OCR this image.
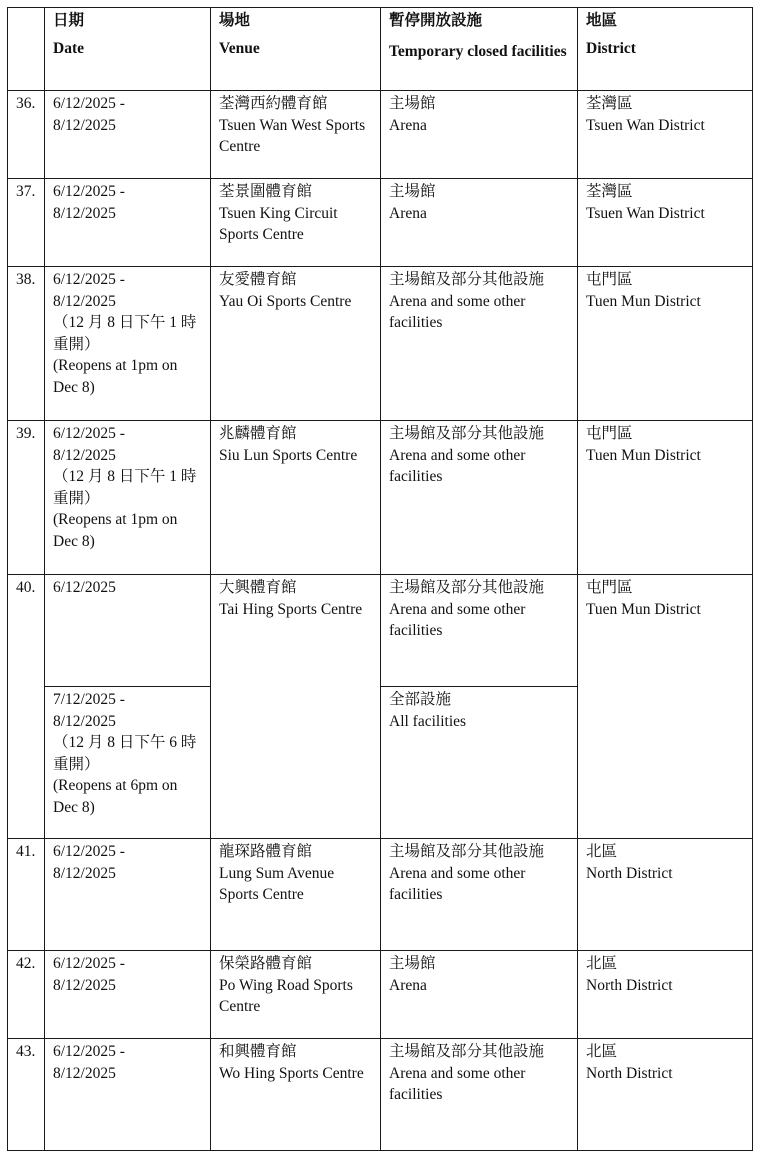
	日期
Date	場地
Venue	暫停開放設施
Temporary closed facilities	地區
District

36.	6/12/2025 -
8/12/2025	荃灣西約體育館
Tsuen Wan West Sports Centre	主場館
Arena	荃灣區
Tsuen Wan District

37.	6/12/2025 -
8/12/2025	荃景圍體育館
Tsuen King Circuit Sports Centre	主場館
Arena	荃灣區
Tsuen Wan District

38.	6/12/2025 -
8/12/2025
（12 月 8 日下午 1 時重開）
(Reopens at 1pm on Dec 8)	友愛體育館
Yau Oi Sports Centre	主場館及部分其他設施
Arena and some other facilities	屯門區
Tuen Mun District

39.	6/12/2025 -
8/12/2025
（12 月 8 日下午 1 時重開）
(Reopens at 1pm on Dec 8)	兆麟體育館
Siu Lun Sports Centre	主場館及部分其他設施
Arena and some other facilities	屯門區
Tuen Mun District

40.	6/12/2025	大興體育館
Tai Hing Sports Centre	主場館及部分其他設施
Arena and some other facilities	屯門區
Tuen Mun District

	7/12/2025 -
8/12/2025
（12 月 8 日下午 6 時重開）
(Reopens at 6pm on Dec 8)		全部設施
All facilities	

41.	6/12/2025 -
8/12/2025	龍琛路體育館
Lung Sum Avenue Sports Centre	主場館及部分其他設施
Arena and some other facilities	北區
North District

42.	6/12/2025 -
8/12/2025	保榮路體育館
Po Wing Road Sports Centre	主場館
Arena	北區
North District

43.	6/12/2025 -
8/12/2025	和興體育館
Wo Hing Sports Centre	主場館及部分其他設施
Arena and some other facilities	北區
North District
